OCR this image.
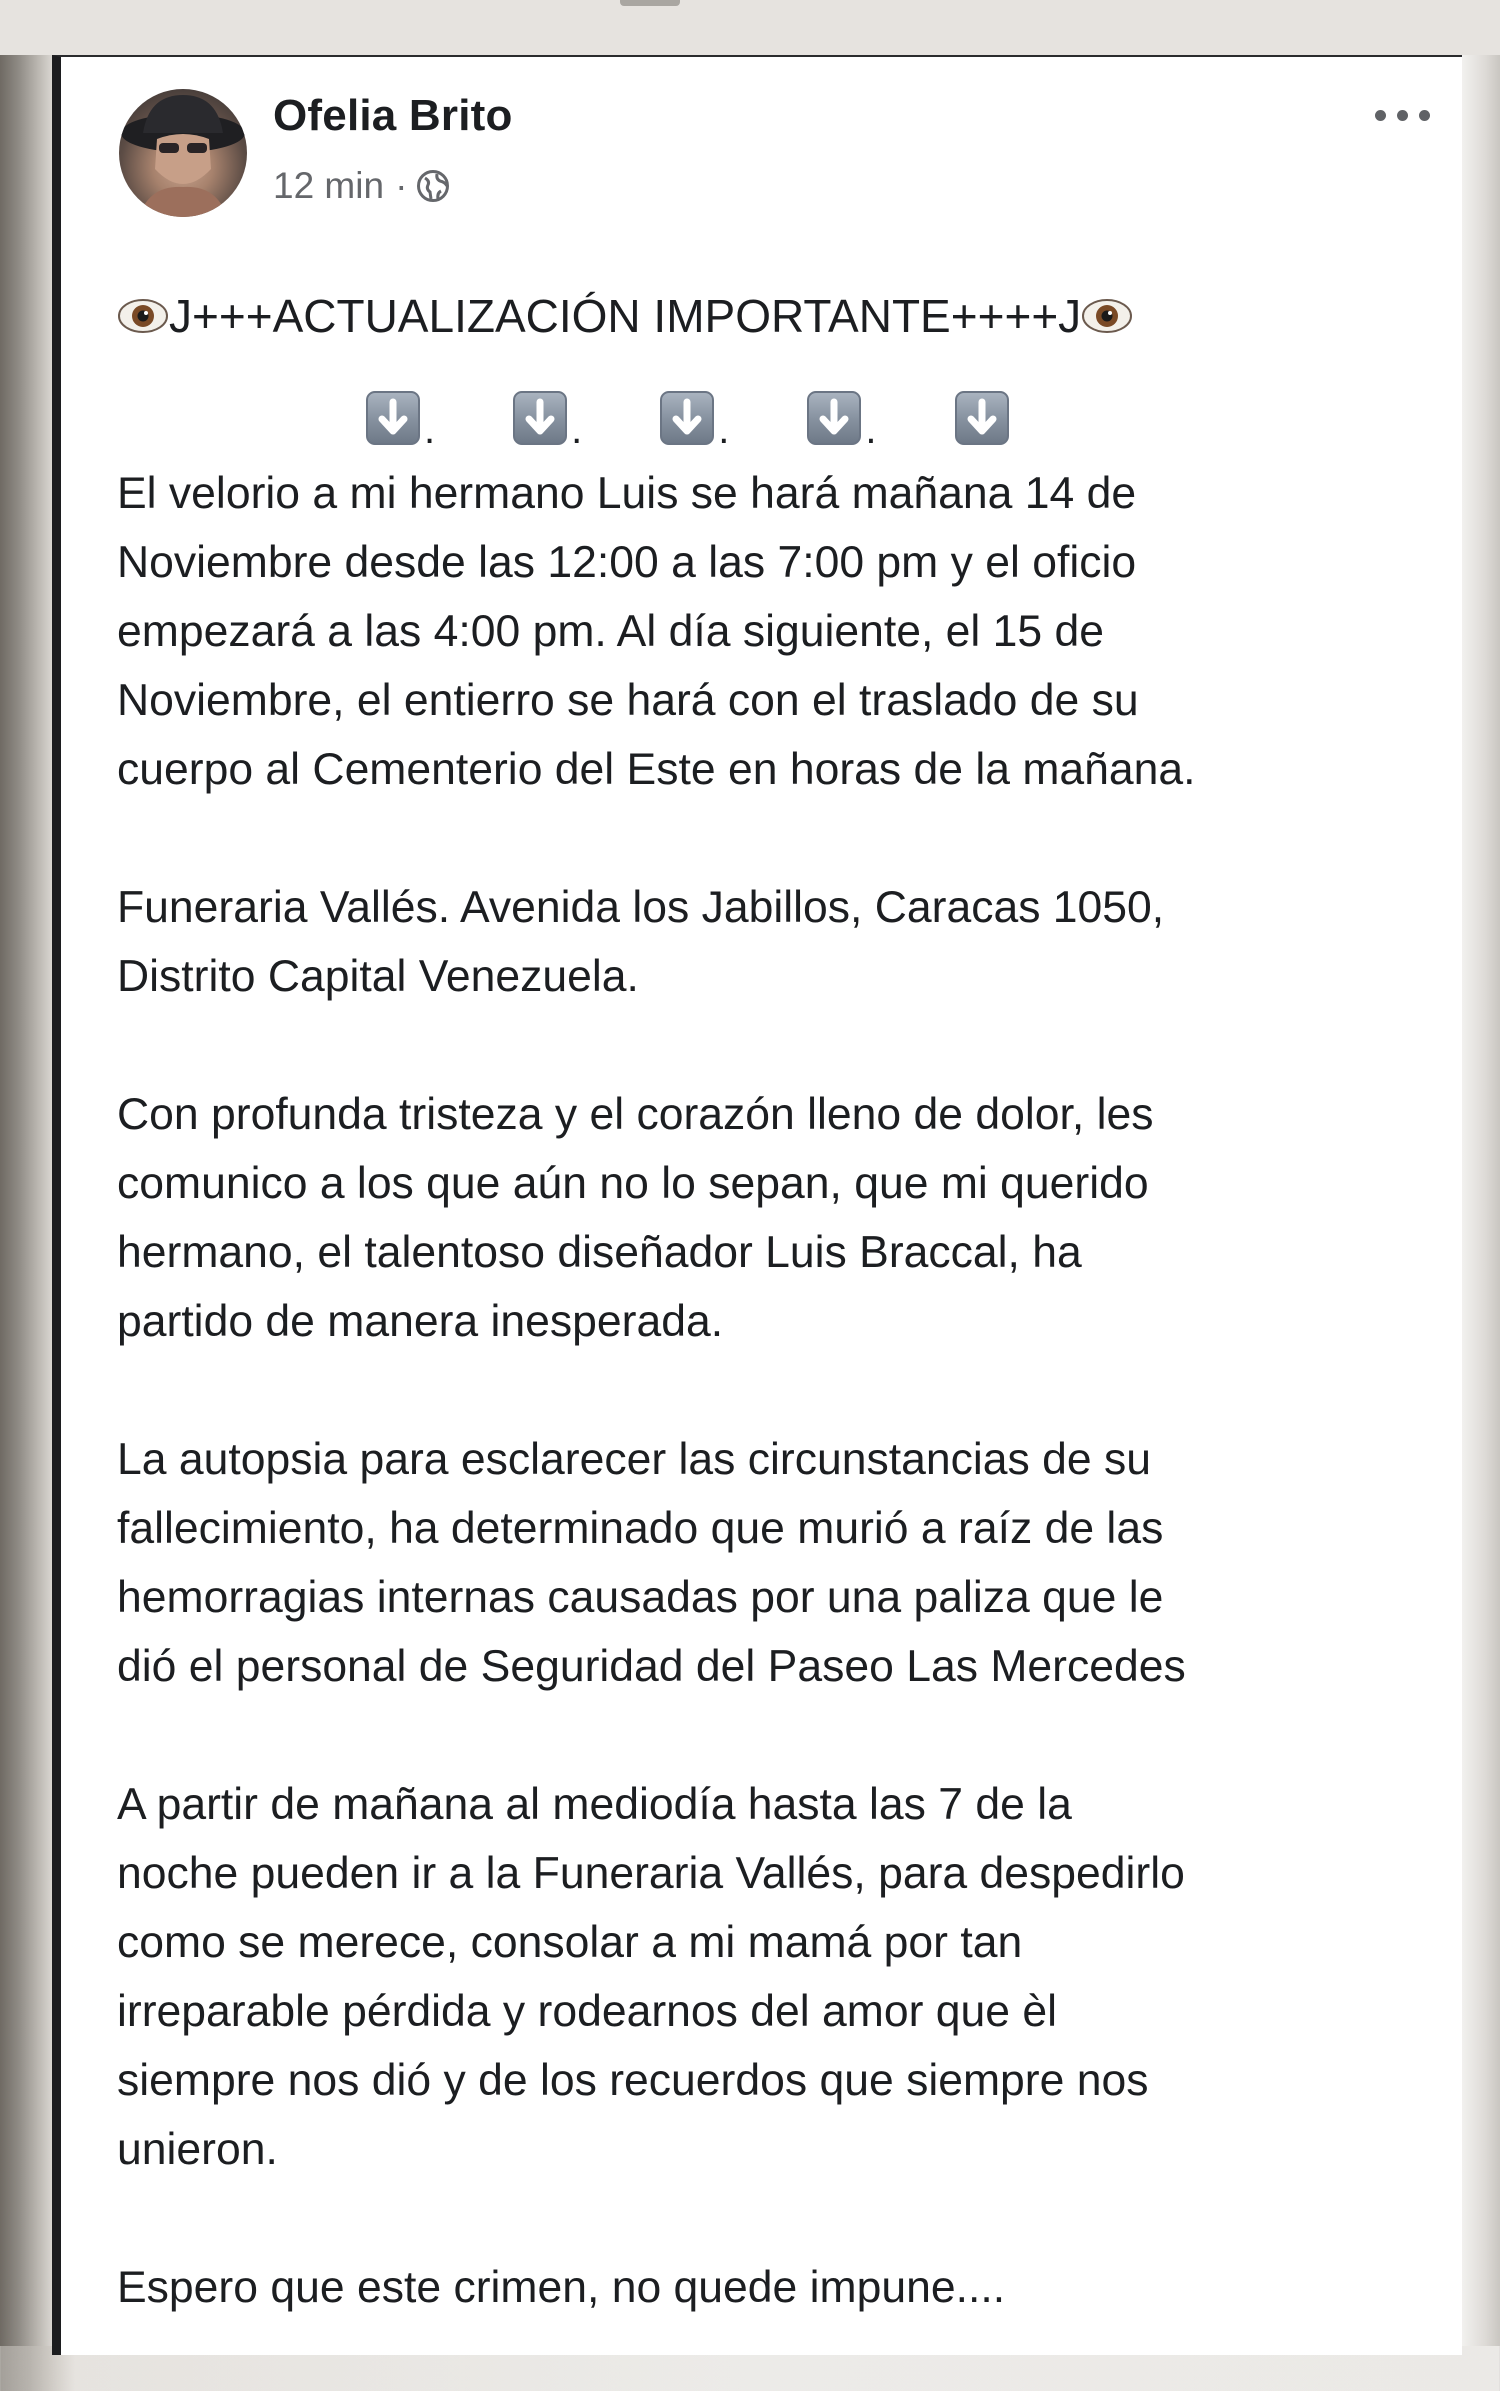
Ofelia Brito
12 min ·
J+++ACTUALIZACIÓN IMPORTANTE++++J
.	.	.	.

El velorio a mi hermano Luis se hará mañana 14 de
Noviembre desde las 12:00 a las 7:00 pm y el oficio
empezará a las 4:00 pm. Al día siguiente, el 15 de
Noviembre, el entierro se hará con el traslado de su
cuerpo al Cementerio del Este en horas de la mañana.

Funeraria Vallés. Avenida los Jabillos, Caracas 1050,
Distrito Capital Venezuela.

Con profunda tristeza y el corazón lleno de dolor, les
comunico a los que aún no lo sepan, que mi querido
hermano, el talentoso diseñador Luis Braccal, ha
partido de manera inesperada.

La autopsia para esclarecer las circunstancias de su
fallecimiento, ha determinado que murió a raíz de las
hemorragias internas causadas por una paliza que le
dió el personal de Seguridad del Paseo Las Mercedes

A partir de mañana al mediodía hasta las 7 de la
noche pueden ir a la Funeraria Vallés, para despedirlo
como se merece, consolar a mi mamá por tan
irreparable pérdida y rodearnos del amor que èl
siempre nos dió y de los recuerdos que siempre nos
unieron.

Espero que este crimen, no quede impune....
